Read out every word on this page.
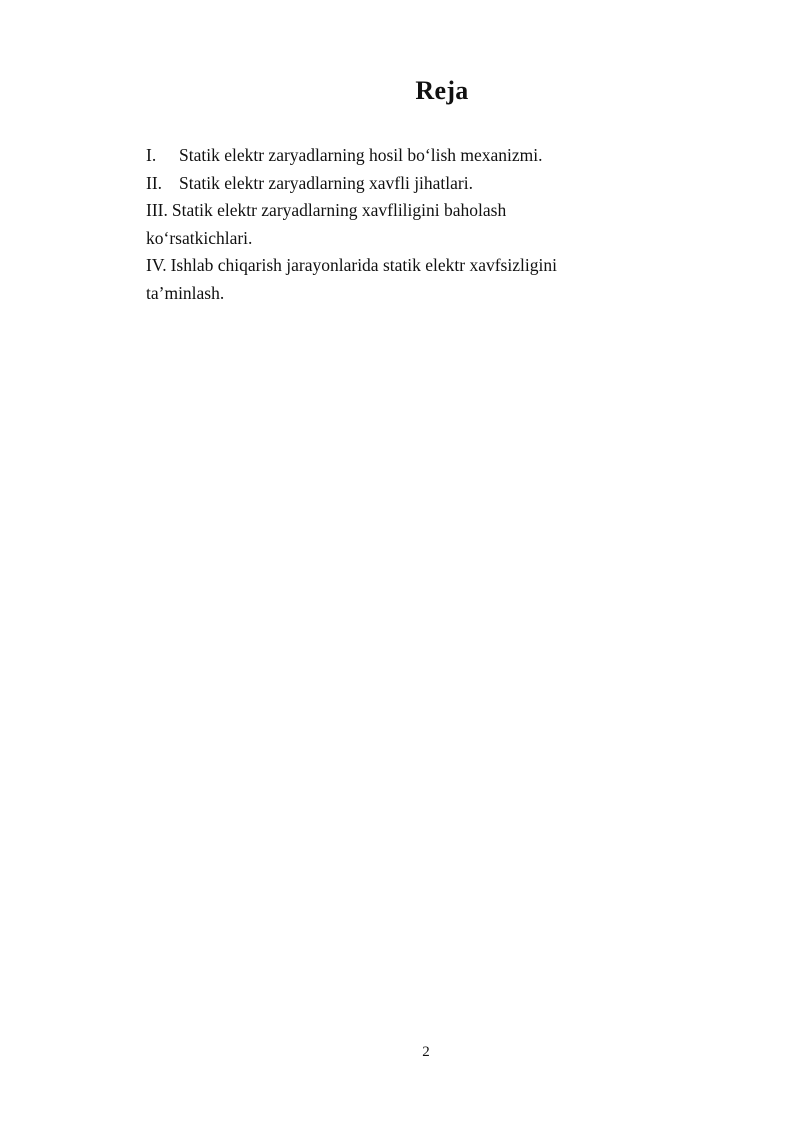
Reja
I. Statik elektr zaryadlarning hosil bo‘lish mexanizmi.
II. Statik elektr zaryadlarning xavfli jihatlari.
III. Statik elektr zaryadlarning xavfliligini baholash
ko‘rsatkichlari.
IV. Ishlab chiqarish jarayonlarida statik elektr xavfsizligini
ta’minlash.
2
